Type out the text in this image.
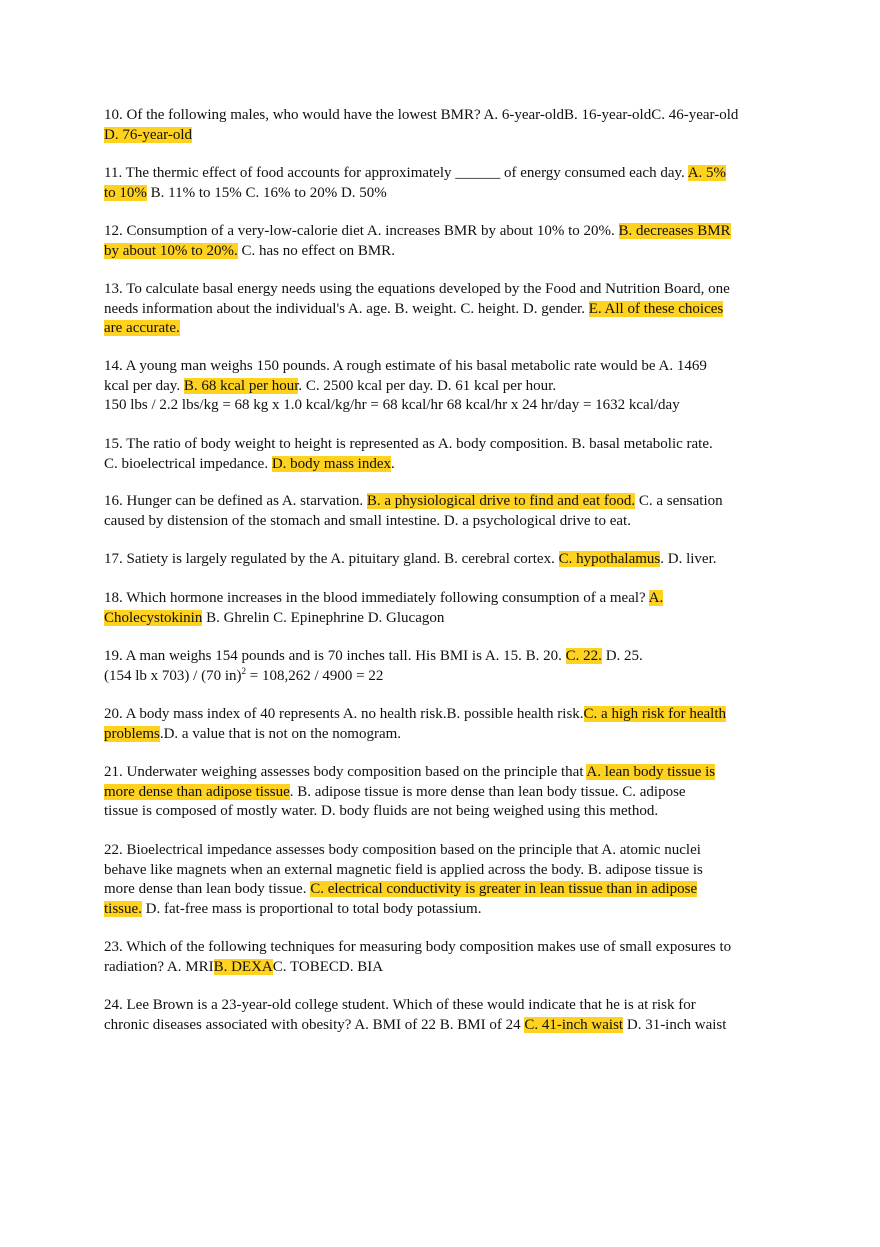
10. Of the following males, who would have the lowest BMR? A. 6-year-oldB. 16-year-oldC. 46-year-old
D. 76-year-old
11. The thermic effect of food accounts for approximately ______ of energy consumed each day. A. 5%
to 10% B. 11% to 15% C. 16% to 20% D. 50%
12. Consumption of a very-low-calorie diet A. increases BMR by about 10% to 20%. B. decreases BMR
by about 10% to 20%. C. has no effect on BMR.
13. To calculate basal energy needs using the equations developed by the Food and Nutrition Board, one
needs information about the individual's A. age. B. weight. C. height. D. gender. E. All of these choices
are accurate.
14. A young man weighs 150 pounds. A rough estimate of his basal metabolic rate would be A. 1469
kcal per day. B. 68 kcal per hour. C. 2500 kcal per day. D. 61 kcal per hour.
150 lbs / 2.2 lbs/kg = 68 kg x 1.0 kcal/kg/hr = 68 kcal/hr 68 kcal/hr x 24 hr/day = 1632 kcal/day
15. The ratio of body weight to height is represented as A. body composition. B. basal metabolic rate.
C. bioelectrical impedance. D. body mass index.
16. Hunger can be defined as A. starvation. B. a physiological drive to find and eat food. C. a sensation
caused by distension of the stomach and small intestine. D. a psychological drive to eat.
17. Satiety is largely regulated by the A. pituitary gland. B. cerebral cortex. C. hypothalamus. D. liver.
18. Which hormone increases in the blood immediately following consumption of a meal? A.
Cholecystokinin B. Ghrelin C. Epinephrine D. Glucagon
19. A man weighs 154 pounds and is 70 inches tall. His BMI is A. 15. B. 20. C. 22. D. 25.
(154 lb x 703) / (70 in)$^2$ = 108,262 / 4900 = 22
20. A body mass index of 40 represents A. no health risk.B. possible health risk.C. a high risk for health
problems.D. a value that is not on the nomogram.
21. Underwater weighing assesses body composition based on the principle that A. lean body tissue is
more dense than adipose tissue. B. adipose tissue is more dense than lean body tissue. C. adipose
tissue is composed of mostly water. D. body fluids are not being weighed using this method.
22. Bioelectrical impedance assesses body composition based on the principle that A. atomic nuclei
behave like magnets when an external magnetic field is applied across the body. B. adipose tissue is
more dense than lean body tissue. C. electrical conductivity is greater in lean tissue than in adipose
tissue. D. fat-free mass is proportional to total body potassium.
23. Which of the following techniques for measuring body composition makes use of small exposures to
radiation? A. MRIB. DEXAC. TOBECD. BIA
24. Lee Brown is a 23-year-old college student. Which of these would indicate that he is at risk for
chronic diseases associated with obesity? A. BMI of 22 B. BMI of 24 C. 41-inch waist D. 31-inch waist
